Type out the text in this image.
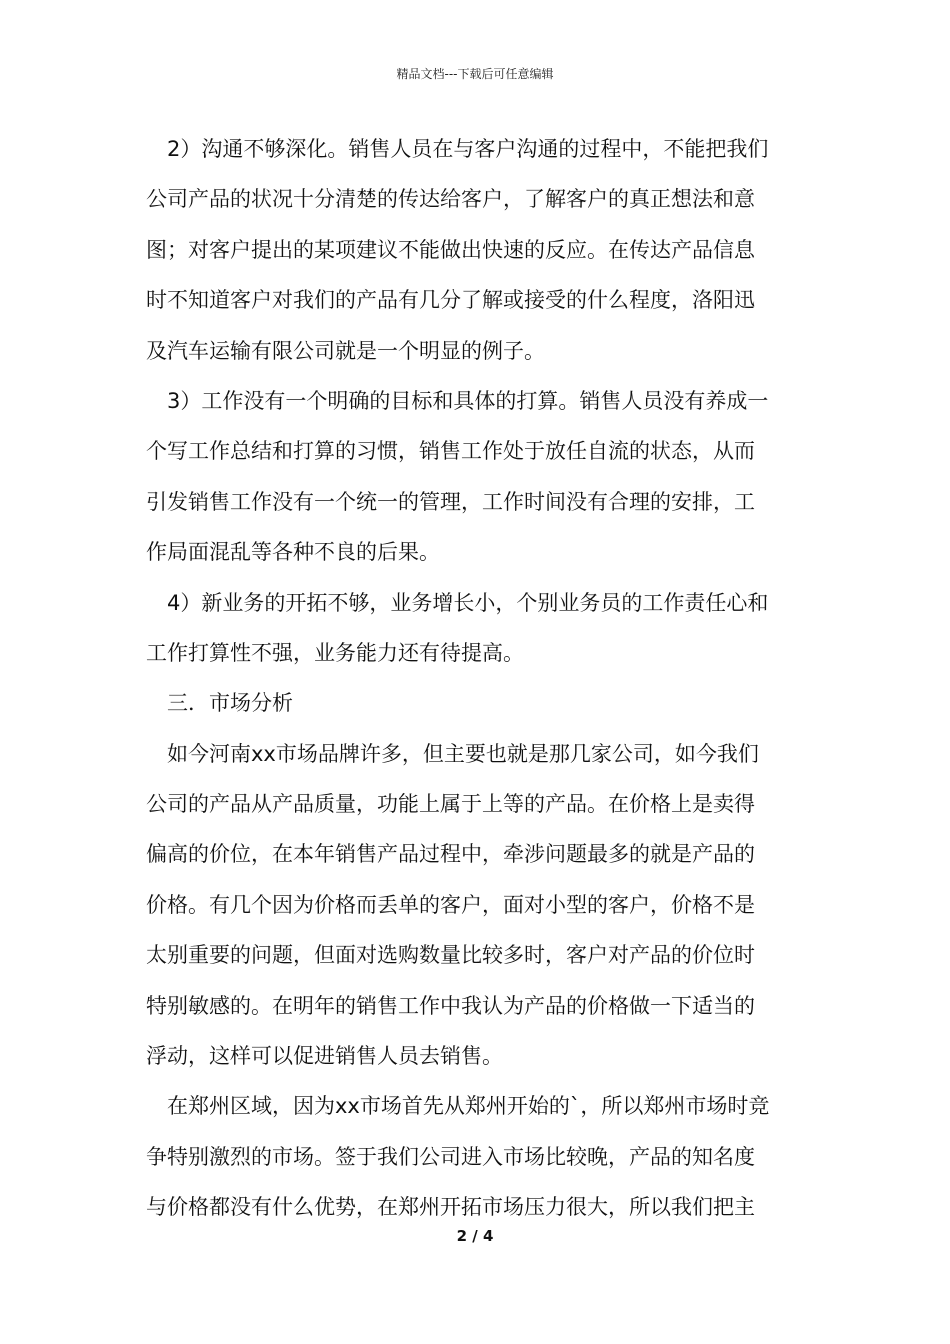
精品文档---下载后可任意编辑
2）沟通不够深化。销售人员在与客户沟通的过程中，不能把我们
公司产品的状况十分清楚的传达给客户，了解客户的真正想法和意
图；对客户提出的某项建议不能做出快速的反应。在传达产品信息
时不知道客户对我们的产品有几分了解或接受的什么程度，洛阳迅
及汽车运输有限公司就是一个明显的例子。
3）工作没有一个明确的目标和具体的打算。销售人员没有养成一
个写工作总结和打算的习惯，销售工作处于放任自流的状态，从而
引发销售工作没有一个统一的管理，工作时间没有合理的安排，工
作局面混乱等各种不良的后果。
4）新业务的开拓不够，业务增长小，个别业务员的工作责任心和
工作打算性不强，业务能力还有待提高。
三．市场分析
如今河南xx市场品牌许多，但主要也就是那几家公司，如今我们
公司的产品从产品质量，功能上属于上等的产品。在价格上是卖得
偏高的价位，在本年销售产品过程中，牵涉问题最多的就是产品的
价格。有几个因为价格而丢单的客户，面对小型的客户，价格不是
太别重要的问题，但面对选购数量比较多时，客户对产品的价位时
特别敏感的。在明年的销售工作中我认为产品的价格做一下适当的
浮动，这样可以促进销售人员去销售。
在郑州区域，因为xx市场首先从郑州开始的`，所以郑州市场时竞
争特别激烈的市场。签于我们公司进入市场比较晚，产品的知名度
与价格都没有什么优势，在郑州开拓市场压力很大，所以我们把主
2 / 4
